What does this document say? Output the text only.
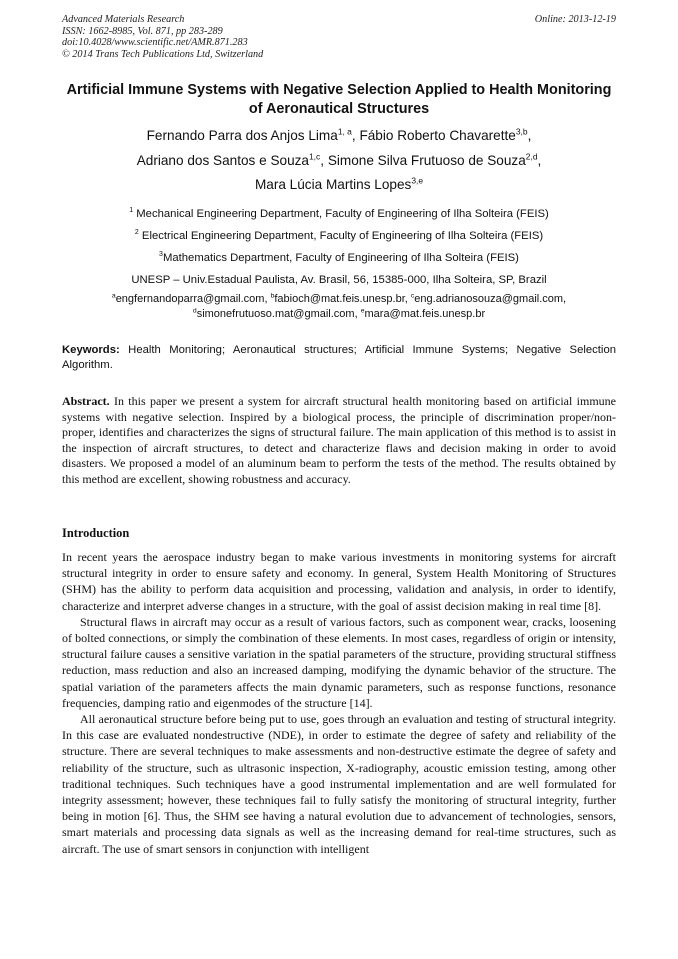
Advanced Materials Research
ISSN: 1662-8985, Vol. 871, pp 283-289
doi:10.4028/www.scientific.net/AMR.871.283
© 2014 Trans Tech Publications Ltd, Switzerland
Online: 2013-12-19
Artificial Immune Systems with Negative Selection Applied to Health Monitoring of Aeronautical Structures
Fernando Parra dos Anjos Lima$^{1, a}$, Fábio Roberto Chavarette$^{3,b}$,
Adriano dos Santos e Souza$^{1,c}$, Simone Silva Frutuoso de Souza$^{2,d}$,
Mara Lúcia Martins Lopes$^{3,e}$
$^1$ Mechanical Engineering Department, Faculty of Engineering of Ilha Solteira (FEIS)
$^2$ Electrical Engineering Department, Faculty of Engineering of Ilha Solteira (FEIS)
$^3$Mathematics Department, Faculty of Engineering of Ilha Solteira (FEIS)
UNESP – Univ.Estadual Paulista, Av. Brasil, 56, 15385-000, Ilha Solteira, SP, Brazil
$^a$engfernandoparra@gmail.com, $^b$fabioch@mat.feis.unesp.br, $^c$eng.adrianosouza@gmail.com,
$^d$simonefrutuoso.mat@gmail.com, $^e$mara@mat.feis.unesp.br
Keywords: Health Monitoring; Aeronautical structures; Artificial Immune Systems; Negative Selection Algorithm.
Abstract. In this paper we present a system for aircraft structural health monitoring based on artificial immune systems with negative selection. Inspired by a biological process, the principle of discrimination proper/non-proper, identifies and characterizes the signs of structural failure. The main application of this method is to assist in the inspection of aircraft structures, to detect and characterize flaws and decision making in order to avoid disasters. We proposed a model of an aluminum beam to perform the tests of the method. The results obtained by this method are excellent, showing robustness and accuracy.
Introduction

In recent years the aerospace industry began to make various investments in monitoring systems for aircraft structural integrity in order to ensure safety and economy. In general, System Health Monitoring of Structures (SHM) has the ability to perform data acquisition and processing, validation and analysis, in order to identify, characterize and interpret adverse changes in a structure, with the goal of assist decision making in real time [8].

Structural flaws in aircraft may occur as a result of various factors, such as component wear, cracks, loosening of bolted connections, or simply the combination of these elements. In most cases, regardless of origin or intensity, structural failure causes a sensitive variation in the spatial parameters of the structure, providing structural stiffness reduction, mass reduction and also an increased damping, modifying the dynamic behavior of the structure. The spatial variation of the parameters affects the main dynamic parameters, such as response functions, resonance frequencies, damping ratio and eigenmodes of the structure [14].

All aeronautical structure before being put to use, goes through an evaluation and testing of structural integrity. In this case are evaluated nondestructive (NDE), in order to estimate the degree of safety and reliability of the structure. There are several techniques to make assessments and non-destructive estimate the degree of safety and reliability of the structure, such as ultrasonic inspection, X-radiography, acoustic emission testing, among other traditional techniques. Such techniques have a good instrumental implementation and are well formulated for integrity assessment; however, these techniques fail to fully satisfy the monitoring of structural integrity, further being in motion [6]. Thus, the SHM see having a natural evolution due to advancement of technologies, sensors, smart materials and processing data signals as well as the increasing demand for real-time structures, such as aircraft. The use of smart sensors in conjunction with intelligent
